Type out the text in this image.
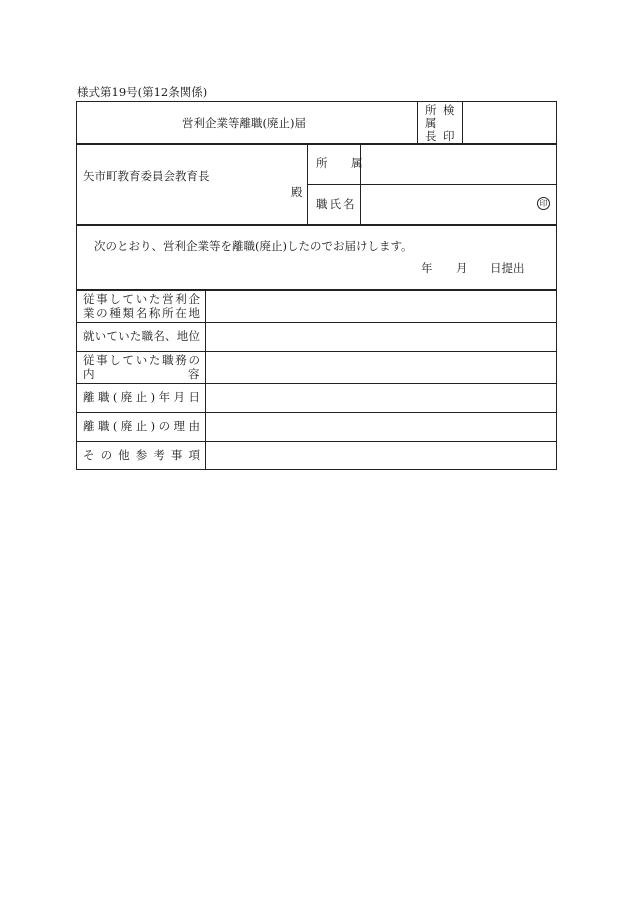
様式第19号(第12条関係)
営利企業等離職(廃止)届
所
属
長
検
印
矢市町教育委員会教育長
殿
所 属
職氏名	印
次のとおり、営利企業等を離職(廃止)したのでお届けします。
年 月 日提出
従事していた営利企
業の種類名称所在地
就いていた職名、地位
従事していた職務の
内	容
離職(廃止)年月日
離職(廃止)の理由
その他参考事項
